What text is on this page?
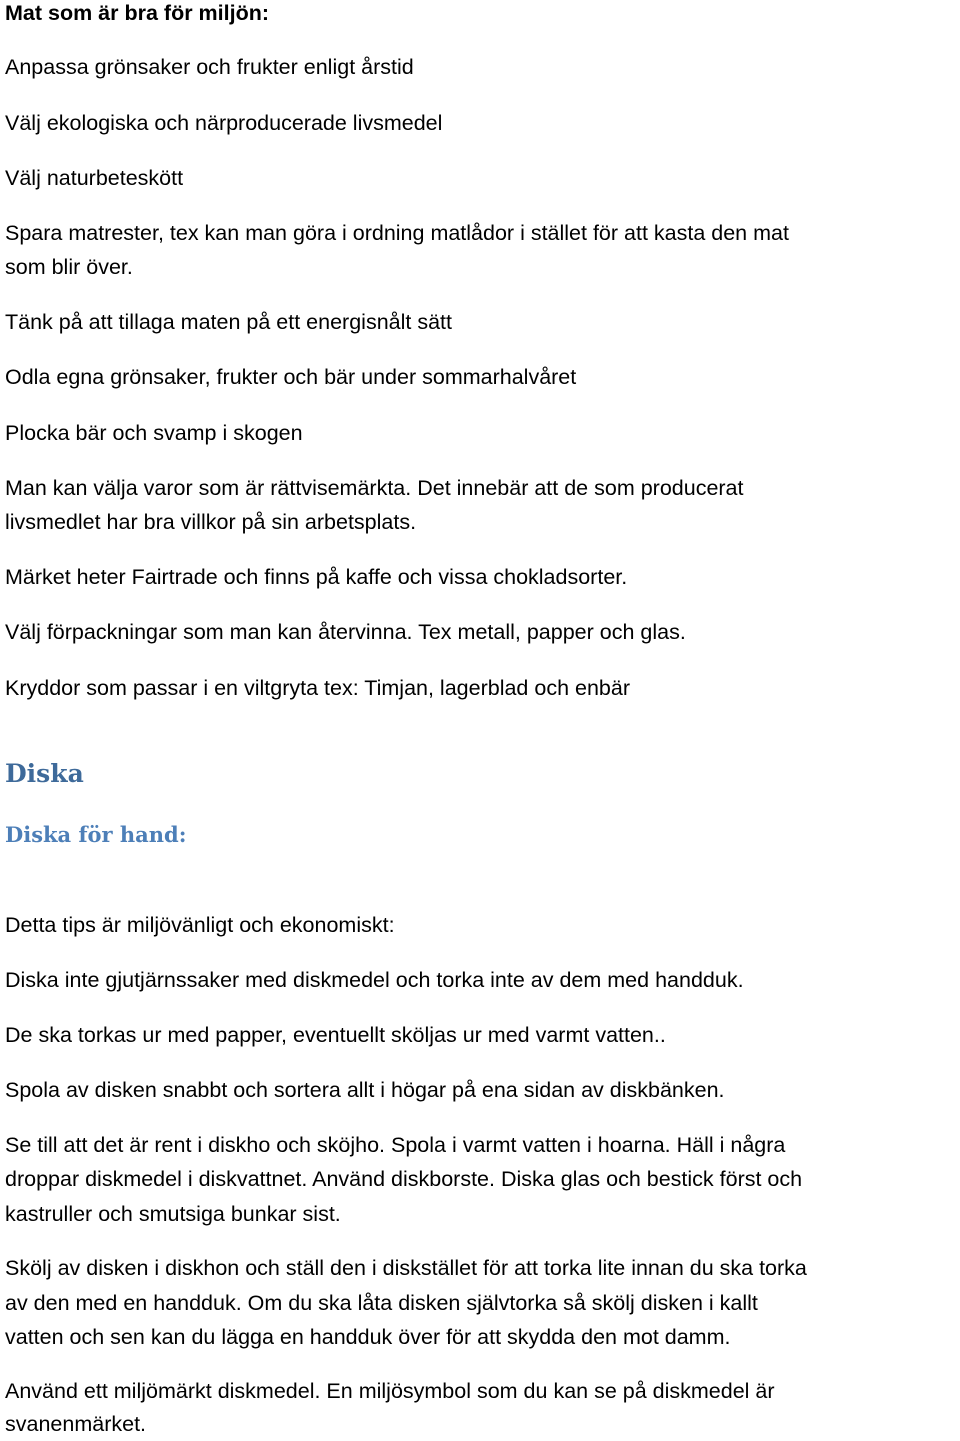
Mat som är bra för miljön:

Anpassa grönsaker och frukter enligt årstid

Välj ekologiska och närproducerade livsmedel

Välj naturbeteskött

Spara matrester, tex kan man göra i ordning matlådor i stället för att kasta den mat

som blir över.

Tänk på att tillaga maten på ett energisnålt sätt

Odla egna grönsaker, frukter och bär under sommarhalvåret

Plocka bär och svamp i skogen

Man kan välja varor som är rättvisemärkta. Det innebär att de som producerat

livsmedlet har bra villkor på sin arbetsplats.

Märket heter Fairtrade och finns på kaffe och vissa chokladsorter.

Välj förpackningar som man kan återvinna. Tex metall, papper och glas.

Kryddor som passar i en viltgryta tex: Timjan, lagerblad och enbär

Diska
Diska för hand:

Detta tips är miljövänligt och ekonomiskt:

Diska inte gjutjärnssaker med diskmedel och torka inte av dem med handduk.

De ska torkas ur med papper, eventuellt sköljas ur med varmt vatten..

Spola av disken snabbt och sortera allt i högar på ena sidan av diskbänken.

Se till att det är rent i diskho och sköjho. Spola i varmt vatten i hoarna. Häll i några

droppar diskmedel i diskvattnet. Använd diskborste. Diska glas och bestick först och

kastruller och smutsiga bunkar sist.

Skölj av disken i diskhon och ställ den i diskstället för att torka lite innan du ska torka

av den med en handduk. Om du ska låta disken självtorka så skölj disken i kallt

vatten och sen kan du lägga en handduk över för att skydda den mot damm.

Använd ett miljömärkt diskmedel. En miljösymbol som du kan se på diskmedel är

svanenmärket.
